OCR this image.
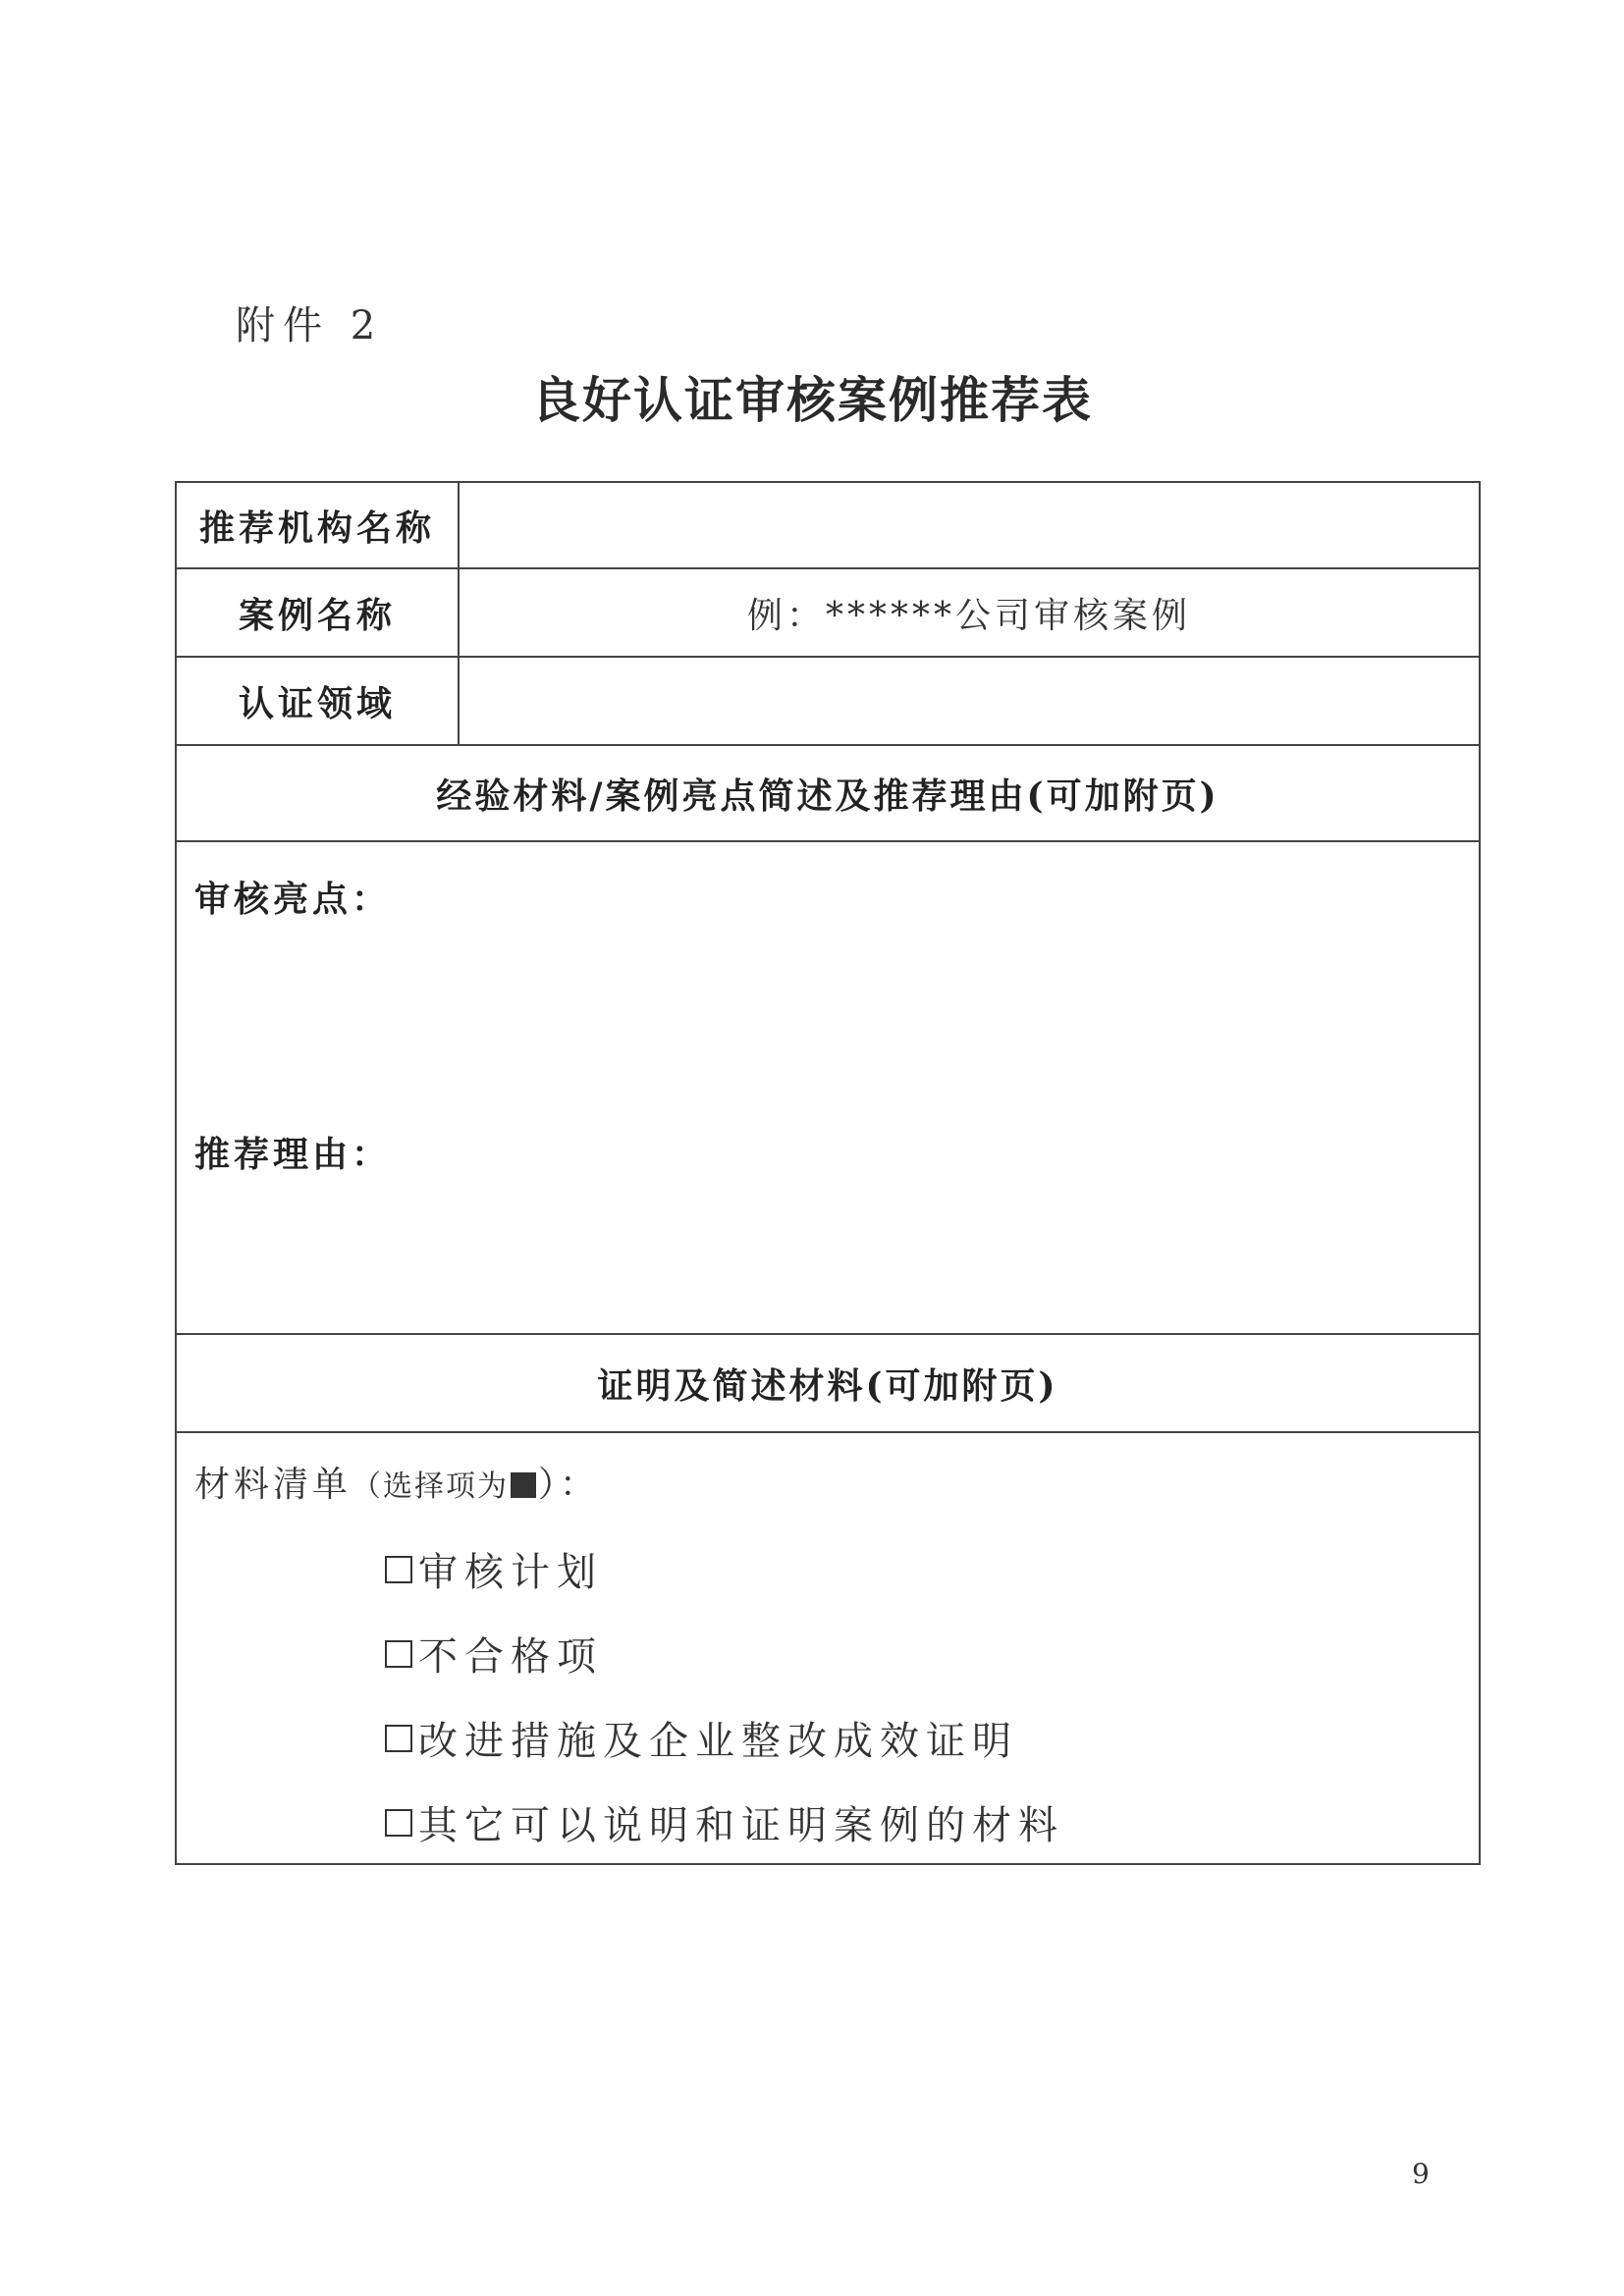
附件 2
良好认证审核案例推荐表
推荐机构名称	
案例名称	例：******公司审核案例
认证领域	
经验材料/案例亮点简述及推荐理由(可加附页)	

审核亮点：
推荐理由：	

证明及简述材料(可加附页)	

材料清单（选择项为 ）：
审核计划
不合格项
改进措施及企业整改成效证明
其它可以说明和证明案例的材料	
9
